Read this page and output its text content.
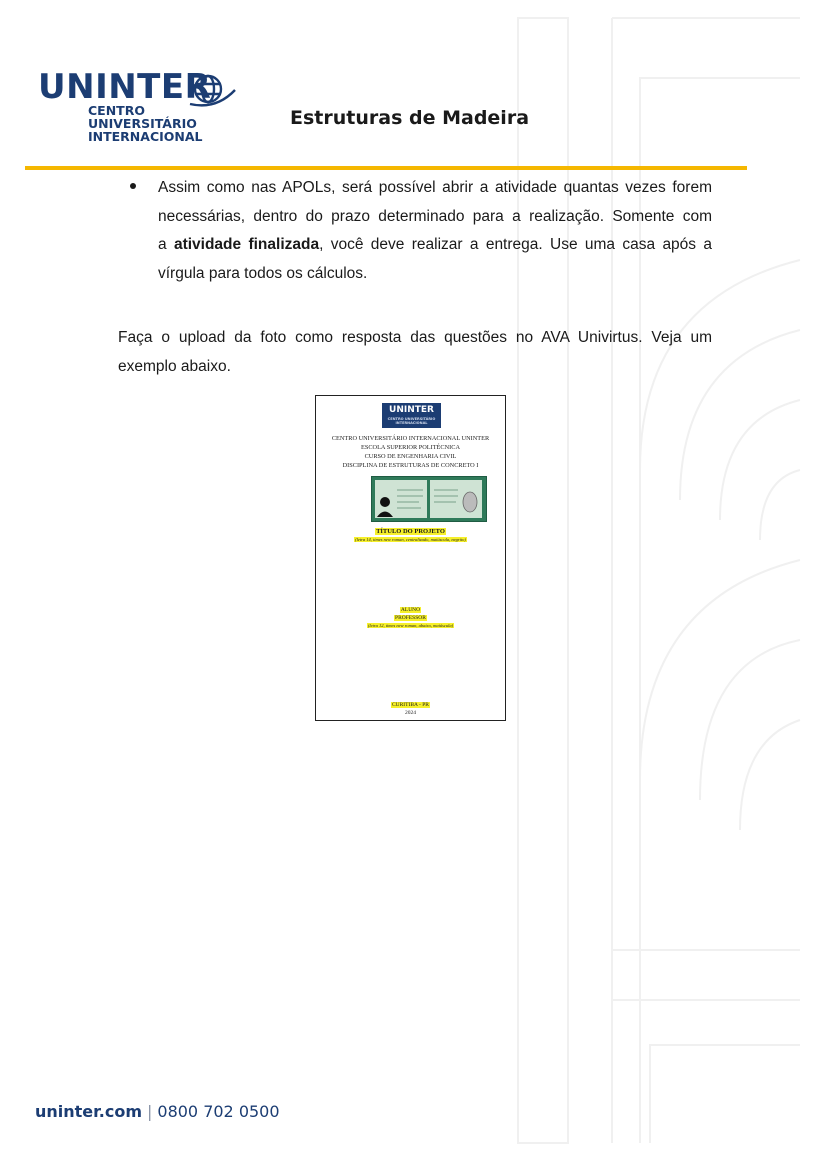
UNINTER
CENTRO
UNIVERSITÁRIO
INTERNACIONAL
Estruturas de Madeira
Assim como nas APOLs, será possível abrir a atividade quantas vezes forem
necessárias, dentro do prazo determinado para a realização. Somente com
a atividade finalizada, você deve realizar a entrega. Use uma casa após a
vírgula para todos os cálculos.
Faça o upload da foto como resposta das questões no AVA Univirtus. Veja um
exemplo abaixo.
UNINTER
CENTRO UNIVERSITÁRIO INTERNACIONAL
CENTRO UNIVERSITÁRIO INTERNACIONAL UNINTER
ESCOLA SUPERIOR POLITÉCNICA
CURSO DE ENGENHARIA CIVIL
DISCIPLINA DE ESTRUTURAS DE CONCRETO I
TÍTULO DO PROJETO
(letra 14, times new roman, centralizado, maiúscula, negrito)
ALUNO
PROFESSOR
(letra 12, times new roman, abaixo, maiúscula)
CURITIBA - PR
2024
uninter.com | 0800 702 0500
